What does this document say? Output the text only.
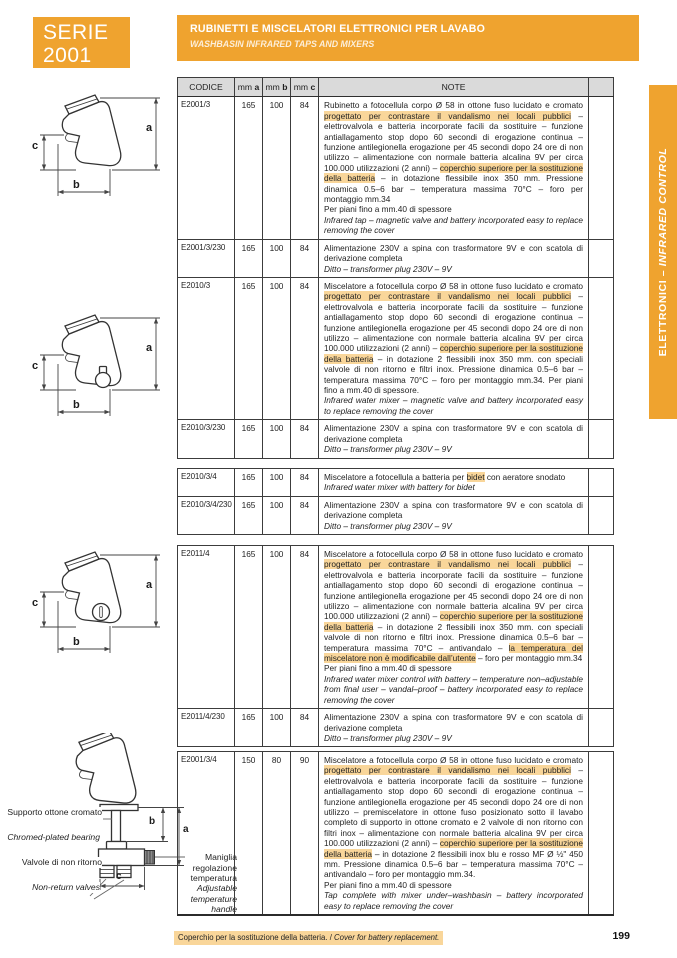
SERIE
2001
RUBINETTI E MISCELATORI ELETTRONICI PER LAVABO
WASHBASIN INFRARED TAPS AND MIXERS
ELETTRONICI – INFRARED CONTROL
a
b
c
a
b
c
a
b
c
b
a
c
Supporto ottone cromato
Chromed-plated bearing
Valvole di non ritorno
Non-return valves
Maniglia regolazione temperatura
Adjustable temperature handle
CODICE	mm a	mm b	mm c	NOTE	
E2001/3	165	100	84	Rubinetto a fotocellula corpo Ø 58 in ottone fuso lucidato e cromato progettato per contrastare il vandalismo nei locali pubblici – elettrovalvola e batteria incorporate facili da sostituire – funzione antiallagamento stop dopo 60 secondi di erogazione continua – funzione antilegionella erogazione per 45 secondi dopo 24 ore di non utilizzo – alimentazione con normale batteria alcalina 9V per circa 100.000 utilizzazioni (2 anni) – coperchio superiore per la sostituzione della batteria – in dotazione flessibile inox 350 mm. Pressione dinamica 0.5–6 bar – temperatura massima 70°C – foro per montaggio mm.34
Per piani fino a mm.40 di spessore
Infrared tap – magnetic valve and battery incorporated easy to replace removing the cover	

E2001/3/230	165	100	84	Alimentazione 230V a spina con trasformatore 9V e con scatola di derivazione completa
Ditto – transformer plug 230V – 9V	

E2010/3	165	100	84	Miscelatore a fotocellula corpo Ø 58 in ottone fuso lucidato e cromato progettato per contrastare il vandalismo nei locali pubblici – elettrovalvola e batteria incorporate facili da sostituire – funzione antiallagamento stop dopo 60 secondi di erogazione continua – funzione antilegionella erogazione per 45 secondi dopo 24 ore di non utilizzo – alimentazione con normale batteria alcalina 9V per circa 100.000 utilizzazioni (2 anni) – coperchio superiore per la sostituzione della batteria – in dotazione 2 flessibili inox 350 mm. con speciali valvole di non ritorno e filtri inox. Pressione dinamica 0.5–6 bar – temperatura massima 70°C – foro per montaggio mm.34. Per piani fino a mm.40 di spessore.
Infrared water mixer – magnetic valve and battery incorporated easy to replace removing the cover	

E2010/3/230	165	100	84	Alimentazione 230V a spina con trasformatore 9V e con scatola di derivazione completa
Ditto – transformer plug 230V – 9V	

E2010/3/4	165	100	84	Miscelatore a fotocellula a batteria per bidet con aeratore snodato
Infrared water mixer with battery for bidet	

E2010/3/4/230	165	100	84	Alimentazione 230V a spina con trasformatore 9V e con scatola di derivazione completa
Ditto – transformer plug 230V – 9V	

E2011/4	165	100	84	Miscelatore a fotocellula corpo Ø 58 in ottone fuso lucidato e cromato progettato per contrastare il vandalismo nei locali pubblici – elettrovalvola e batteria incorporate facili da sostituire – funzione antiallagamento stop dopo 60 secondi di erogazione continua – funzione antilegionella erogazione per 45 secondi dopo 24 ore di non utilizzo – alimentazione con normale batteria alcalina 9V per circa 100.000 utilizzazioni (2 anni) – coperchio superiore per la sostituzione della batteria – in dotazione 2 flessibili inox 350 mm. con speciali valvole di non ritorno e filtri inox. Pressione dinamica 0.5–6 bar – temperatura massima 70°C – antivandalo – la temperatura del miscelatore non è modificabile dall’utente – foro per montaggio mm.34
Per piani fino a mm.40 di spessore
Infrared water mixer control with battery – temperature non–adjustable from final user – vandal–proof – battery incorporated easy to replace removing the cover	

E2011/4/230	165	100	84	Alimentazione 230V a spina con trasformatore 9V e con scatola di derivazione completa
Ditto – transformer plug 230V – 9V	

E2001/3/4	150	80	90	Miscelatore a fotocellula corpo Ø 58 in ottone fuso lucidato e cromato progettato per contrastare il vandalismo nei locali pubblici – elettrovalvola e batteria incorporate facili da sostituire – funzione antiallagamento stop dopo 60 secondi di erogazione continua – funzione antilegionella erogazione per 45 secondi dopo 24 ore di non utilizzo – premiscelatore in ottone fuso posizionato sotto il lavabo completo di supporto in ottone cromato e 2 valvole di non ritorno con filtri inox – alimentazione con normale batteria alcalina 9V per circa 100.000 utilizzazioni (2 anni) – coperchio superiore per la sostituzione della batteria – in dotazione 2 flessibili inox blu e rosso MF Ø ½" 450 mm. Pressione dinamica 0.5–6 bar – temperatura massima 70°C – antivandalo – foro per montaggio mm.34.
Per piani fino a mm.40 di spessore
Tap complete with mixer under–washbasin – battery incorporated easy to replace removing the cover

Coperchio per la sostituzione della batteria. / Cover for battery replacement.	199
